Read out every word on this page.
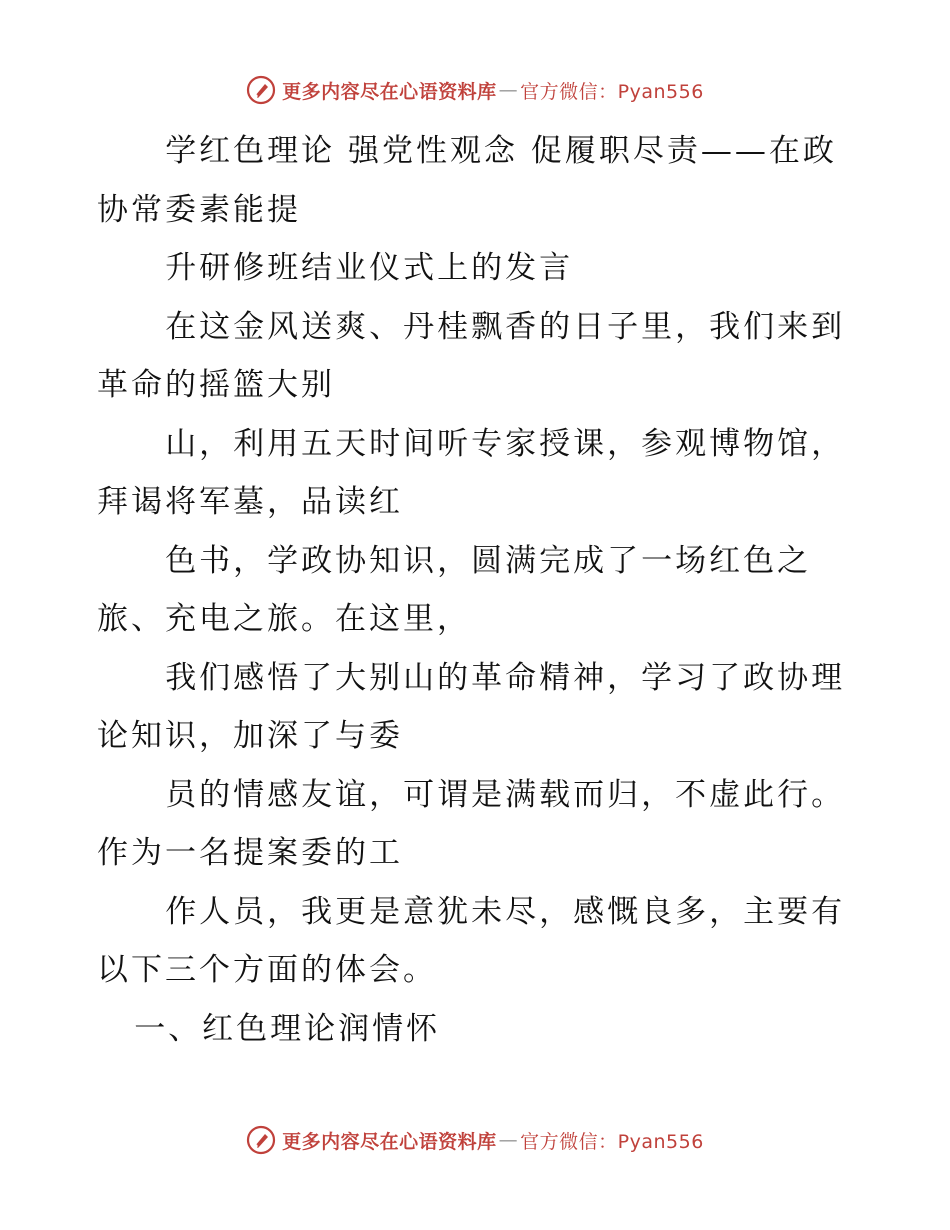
更多内容尽在心语资料库 — 官方微信：Pyan556

学红色理论 强党性观念 促履职尽责——在政协常委素能提

升研修班结业仪式上的发言

在这金风送爽、丹桂飘香的日子里，我们来到革命的摇篮大别

山，利用五天时间听专家授课，参观博物馆，拜谒将军墓，品读红

色书，学政协知识，圆满完成了一场红色之旅、充电之旅。在这里，

我们感悟了大别山的革命精神，学习了政协理论知识，加深了与委

员的情感友谊，可谓是满载而归，不虚此行。作为一名提案委的工

作人员，我更是意犹未尽，感慨良多，主要有以下三个方面的体会。

一、红色理论润情怀

更多内容尽在心语资料库 — 官方微信：Pyan556
